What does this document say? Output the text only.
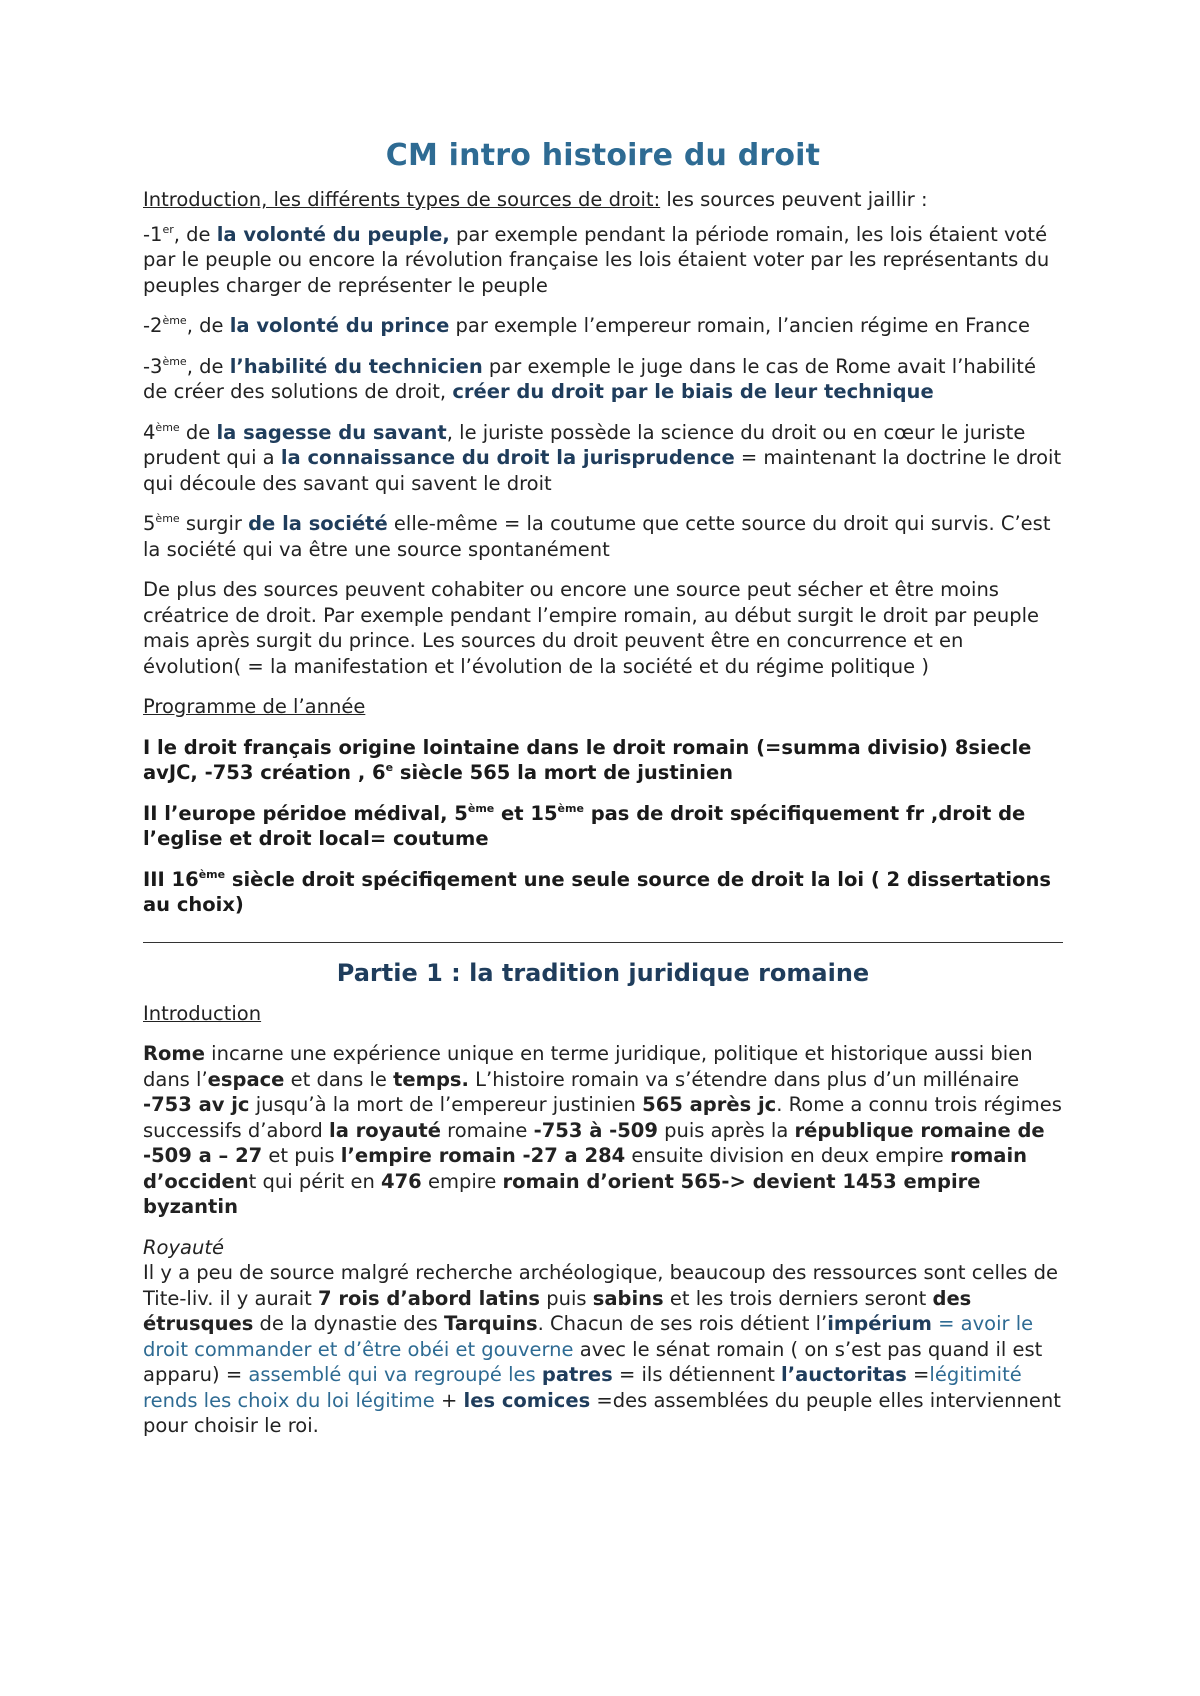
CM intro histoire du droit

Introduction, les différents types de sources de droit: les sources peuvent jaillir :

-1er, de la volonté du peuple, par exemple pendant la période romain, les lois étaient voté par le peuple ou encore la révolution française les lois étaient voter par les représentants du peuples charger de représenter le peuple

-2ème, de la volonté du prince par exemple l’empereur romain, l’ancien régime en France

-3ème, de l’habilité du technicien par exemple le juge dans le cas de Rome avait l’habilité de créer des solutions de droit, créer du droit par le biais de leur technique

4ème de la sagesse du savant, le juriste possède la science du droit ou en cœur le juriste prudent qui a la connaissance du droit la jurisprudence = maintenant la doctrine le droit qui découle des savant qui savent le droit

5ème surgir de la société elle-même = la coutume que cette source du droit qui survis. C’est la société qui va être une source spontanément

De plus des sources peuvent cohabiter ou encore une source peut sécher et être moins créatrice de droit. Par exemple pendant l’empire romain, au début surgit le droit par peuple mais après surgit du prince. Les sources du droit peuvent être en concurrence et en évolution( = la manifestation et l’évolution de la société et du régime politique )

Programme de l’année

I le droit français origine lointaine dans le droit romain (=summa divisio) 8siecle avJC, -753 création , 6e siècle 565 la mort de justinien

II l’europe péridoe médival, 5ème et 15ème pas de droit spécifiquement fr ,droit de l’eglise et droit local= coutume

III 16ème siècle droit spécifiqement une seule source de droit la loi ( 2 dissertations au choix)

Partie 1 : la tradition juridique romaine

Introduction

Rome incarne une expérience unique en terme juridique, politique et historique aussi bien dans l’espace et dans le temps. L’histoire romain va s’étendre dans plus d’un millénaire -753 av jc jusqu’à la mort de l’empereur justinien 565 après jc. Rome a connu trois régimes successifs d’abord la royauté romaine -753 à -509 puis après la république romaine de -509 a – 27 et puis l’empire romain -27 a 284 ensuite division en deux empire romain d’occident qui périt en 476 empire romain d’orient 565-> devient 1453 empire byzantin

Royauté
Il y a peu de source malgré recherche archéologique, beaucoup des ressources sont celles de Tite-liv. il y aurait 7 rois d’abord latins puis sabins et les trois derniers seront des étrusques de la dynastie des Tarquins. Chacun de ses rois détient l’impérium = avoir le droit commander et d’être obéi et gouverne avec le sénat romain ( on s’est pas quand il est apparu) = assemblé qui va regroupé les patres = ils détiennent l’auctoritas =légitimité rends les choix du loi légitime + les comices =des assemblées du peuple elles interviennent pour choisir le roi.
